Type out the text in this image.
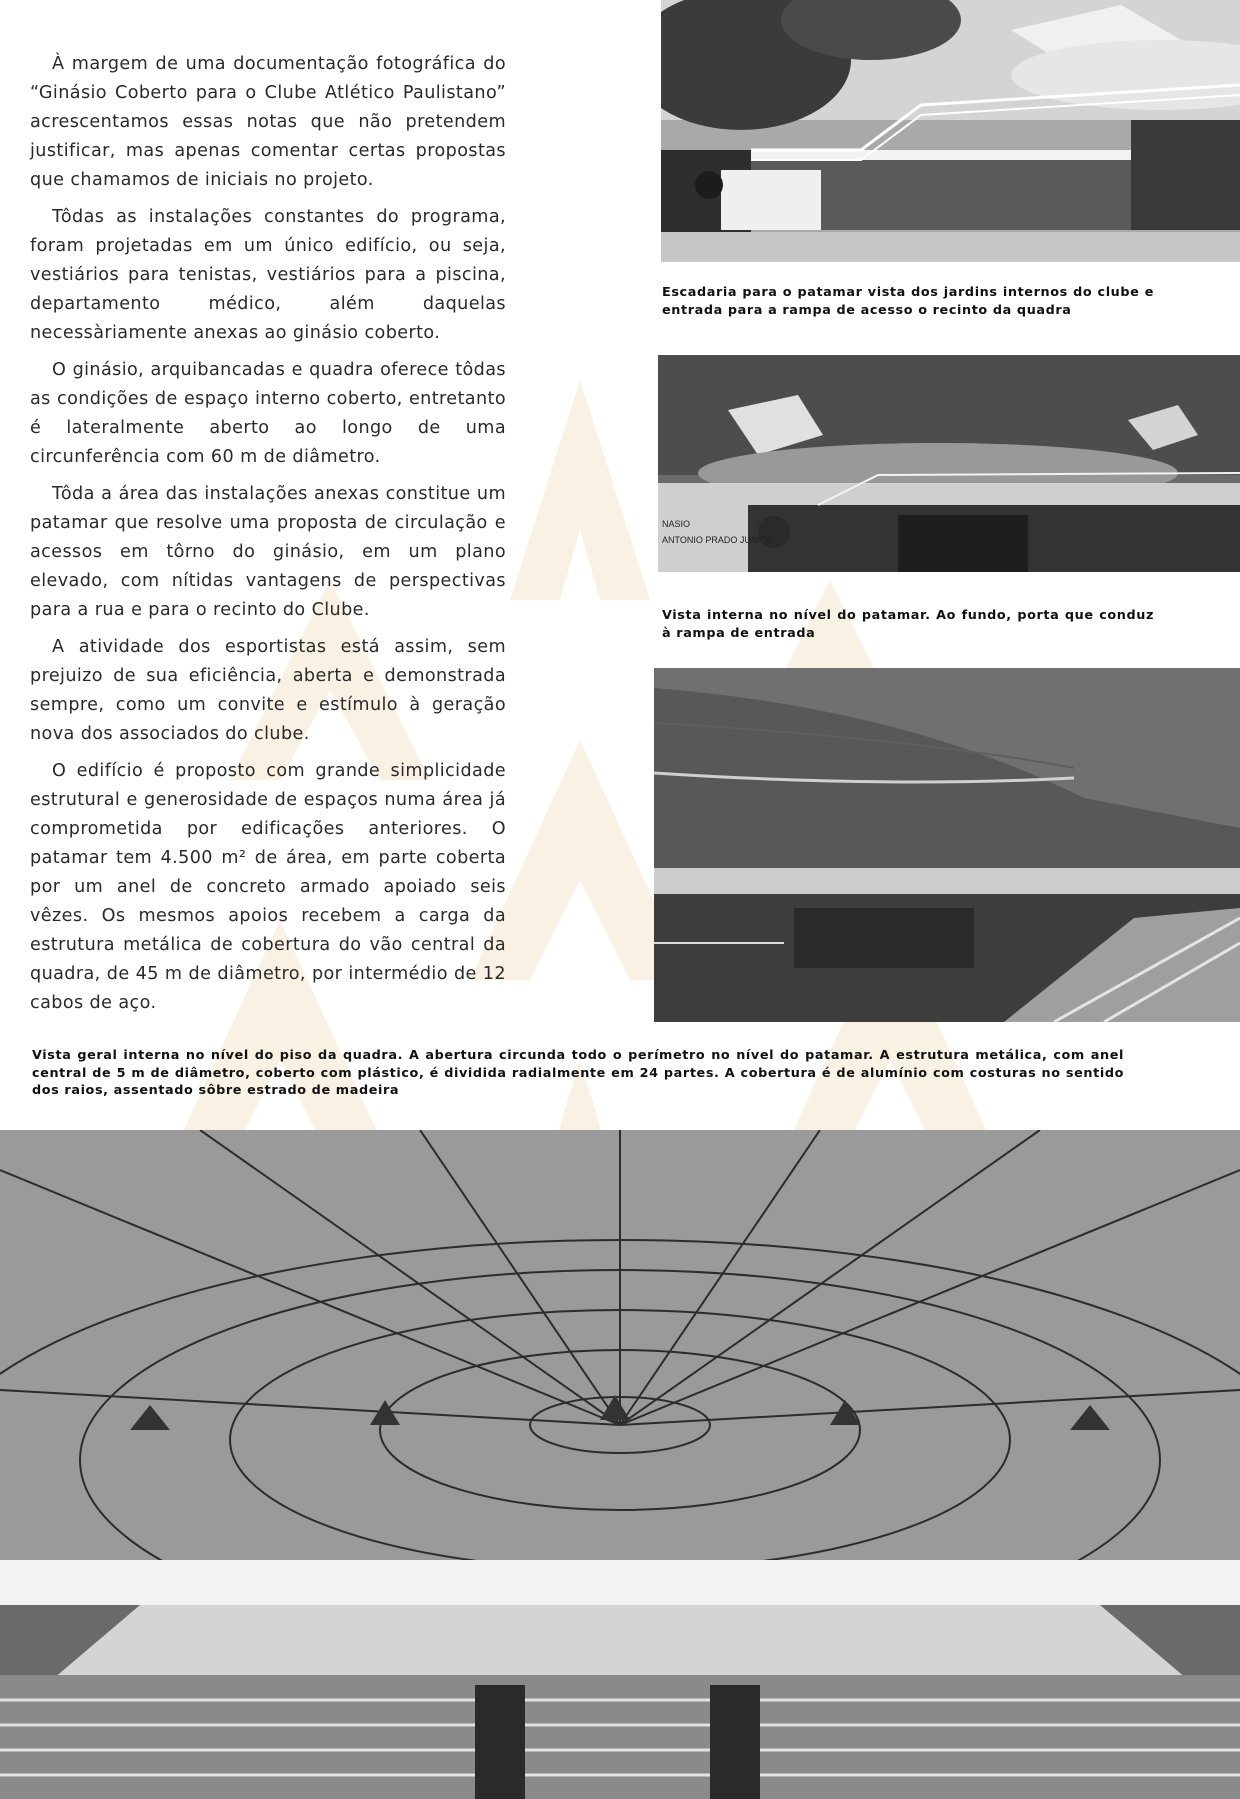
À margem de uma documentação fotográfica do “Ginásio Coberto para o Clube Atlético Paulistano” acrescentamos essas notas que não pretendem justificar, mas apenas comentar certas propostas que chamamos de iniciais no projeto.

Tôdas as instalações constantes do programa, foram projetadas em um único edifício, ou seja, vestiários para tenistas, vestiários para a piscina, departamento médico, além daquelas necessàriamente anexas ao ginásio coberto.

O ginásio, arquibancadas e quadra oferece tôdas as condições de espaço interno coberto, entretanto é lateralmente aberto ao longo de uma circunferência com 60 m de diâmetro.

Tôda a área das instalações anexas constitue um patamar que resolve uma proposta de circulação e acessos em tôrno do ginásio, em um plano elevado, com nítidas vantagens de perspectivas para a rua e para o recinto do Clube.

A atividade dos esportistas está assim, sem prejuizo de sua eficiência, aberta e demonstrada sempre, como um convite e estímulo à geração nova dos associados do clube.

O edifício é proposto com grande simplicidade estrutural e generosidade de espaços numa área já comprometida por edificações anteriores. O patamar tem 4.500 m² de área, em parte coberta por um anel de concreto armado apoiado seis vêzes. Os mesmos apoios recebem a carga da estrutura metálica de cobertura do vão central da quadra, de 45 m de diâmetro, por intermédio de 12 cabos de aço.

Escadaria para o patamar vista dos jardins internos do clube e entrada para a rampa de acesso o recinto da quadra
NASIO
ANTONIO PRADO JUNIOR
Vista interna no nível do patamar. Ao fundo, porta que conduz à rampa de entrada
Vista geral interna no nível do piso da quadra. A abertura circunda todo o perímetro no nível do patamar. A estrutura metálica, com anel central de 5 m de diâmetro, coberto com plástico, é dividida radialmente em 24 partes. A cobertura é de alumínio com costuras no sentido dos raios, assentado sôbre estrado de madeira
